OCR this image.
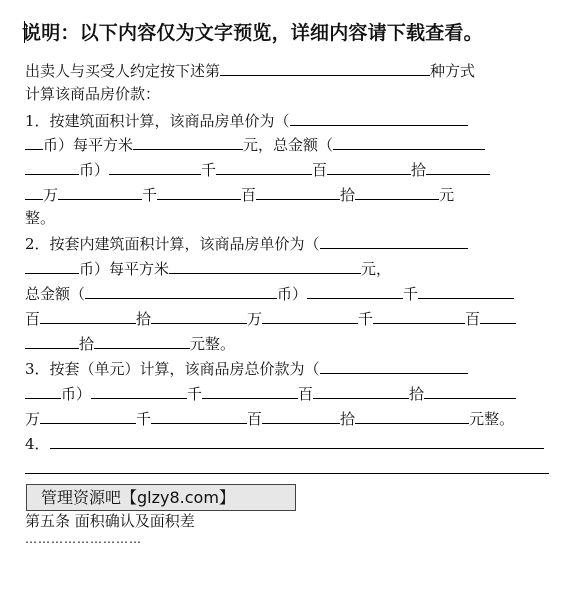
说明：以下内容仅为文字预览，详细内容请下载查看。
出卖人与买受人约定按下述第	种方式
计算该商品房价款：
1．按建筑面积计算，该商品房单价为（
币）每平方米	元，总金额（
币）	千	百	拾
万	千	百	拾	元
整。
2．按套内建筑面积计算，该商品房单价为（
币）每平方米	元，
总金额（	币）	千
百	拾	万	千	百
拾	元整。
3．按套（单元）计算，该商品房总价款为（
币）	千	百	拾
万	千	百	拾	元整。
4．
管理资源吧【glzy8.com】
第五条 面积确认及面积差
………………………
